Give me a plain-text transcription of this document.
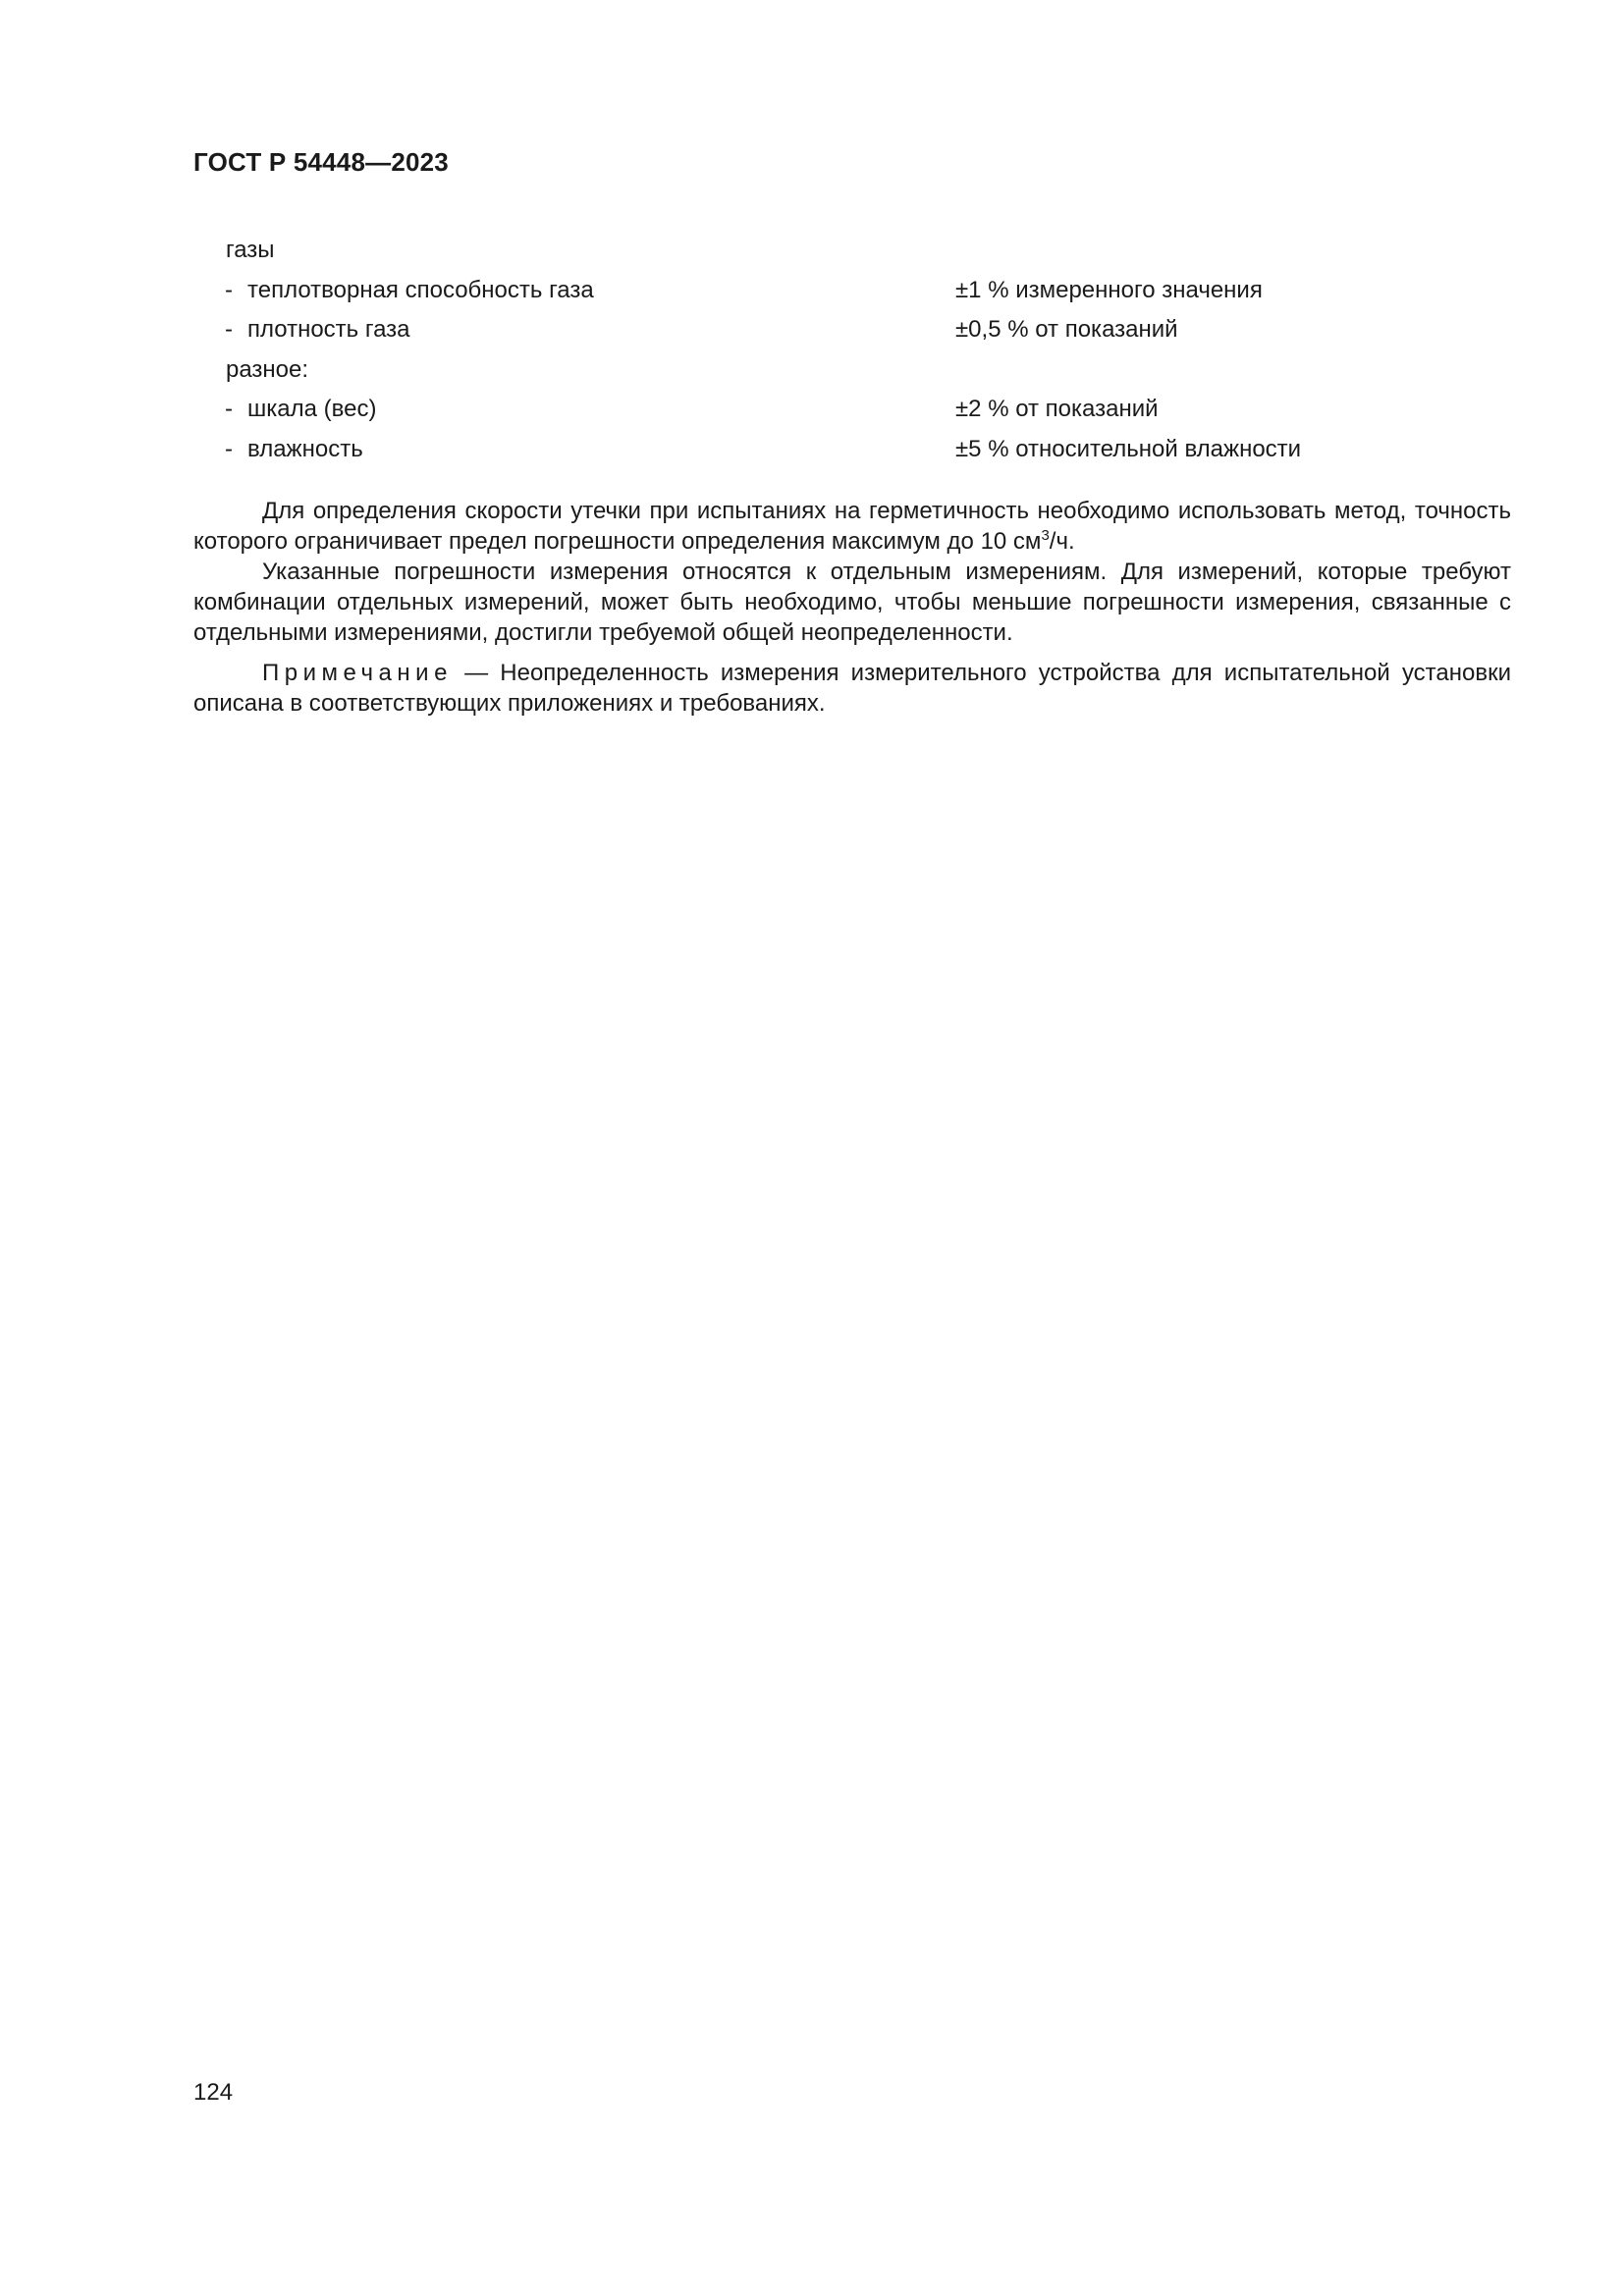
ГОСТ Р 54448—2023
газы
- теплотворная способность газа	±1 % измеренного значения
- плотность газа	±0,5 % от показаний
разное:
- шкала (вес)	±2 % от показаний
- влажность	±5 % относительной влажности

Для определения скорости утечки при испытаниях на герметичность необходимо использовать метод, точность которого ограничивает предел погрешности определения максимум до 10 $см^3/ч$.

Указанные погрешности измерения относятся к отдельным измерениям. Для измерений, которые требуют комбинации отдельных измерений, может быть необходимо, чтобы меньшие погрешности измерения, связанные с отдельными измерениями, достигли требуемой общей неопределенности.

Примечание — Неопределенность измерения измерительного устройства для испытательной установки описана в соответствующих приложениях и требованиях.

124
